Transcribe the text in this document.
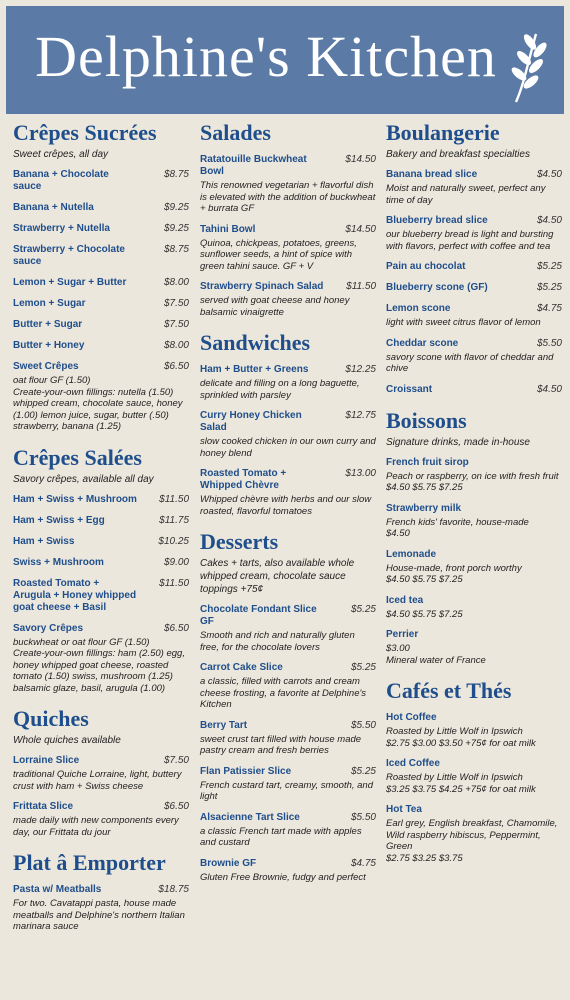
Delphine's Kitchen
Crêpes Sucrées

Sweet crêpes, all day

Banana + Chocolate sauce
$8.75
Banana + Nutella	$9.25
Strawberry + Nutella	$9.25
Strawberry + Chocolate sauce
$8.75
Lemon + Sugar + Butter	$8.00
Lemon + Sugar	$7.50
Butter + Sugar	$7.50
Butter + Honey	$8.00
Sweet Crêpes	$6.50
oat flour GF (1.50)
Create-your-own fillings: nutella (1.50) whipped cream, chocolate sauce, honey (1.00) lemon juice, sugar, butter (.50) strawberry, banana (1.25)
Crêpes Salées

Savory crêpes, available all day

Ham + Swiss + Mushroom $11.50
Ham + Swiss + Egg	$11.75
Ham + Swiss	$10.25
Swiss + Mushroom	$9.00
Roasted Tomato + Arugula + Honey whipped goat cheese + Basil
$11.50
Savory Crêpes	$6.50
buckwheat or oat flour GF (1.50)
Create-your-own fillings: ham (2.50) egg, honey whipped goat cheese, roasted tomato (1.50) swiss, mushroom (1.25) balsamic glaze, basil, arugula (1.00)
Quiches

Whole quiches available

Lorraine Slice	$7.50
traditional Quiche Lorraine, light, buttery crust with ham + Swiss cheese
Frittata Slice	$6.50
made daily with new components every day, our Frittata du jour
Plat â Emporter
Pasta w/ Meatballs	$18.75
For two. Cavatappi pasta, house made meatballs and Delphine's northern Italian marinara sauce
Salades
Ratatouille Buckwheat Bowl
$14.50
This renowned vegetarian + flavorful dish is elevated with the addition of buckwheat + burrata GF
Tahini Bowl	$14.50
Quinoa, chickpeas, potatoes, greens, sunflower seeds, a hint of spice with green tahini sauce. GF + V
Strawberry Spinach Salad $11.50
served with goat cheese and honey balsamic vinaigrette
Sandwiches
Ham + Butter + Greens	$12.25
delicate and filling on a long baguette, sprinkled with parsley
Curry Honey Chicken Salad
$12.75
slow cooked chicken in our own curry and honey blend
Roasted Tomato + Whipped Chèvre
$13.00
Whipped chèvre with herbs and our slow roasted, flavorful tomatoes
Desserts

Cakes + tarts, also available whole whipped cream, chocolate sauce toppings +75¢

Chocolate Fondant Slice GF
$5.25
Smooth and rich and naturally gluten free, for the chocolate lovers
Carrot Cake Slice	$5.25
a classic, filled with carrots and cream cheese frosting, a favorite at Delphine's Kitchen
Berry Tart	$5.50
sweet crust tart filled with house made pastry cream and fresh berries
Flan Patissier Slice	$5.25
French custard tart, creamy, smooth, and light
Alsacienne Tart Slice	$5.50
a classic French tart made with apples and custard
Brownie GF	$4.75
Gluten Free Brownie, fudgy and perfect
Boulangerie

Bakery and breakfast specialties

Banana bread slice	$4.50
Moist and naturally sweet, perfect any time of day
Blueberry bread slice	$4.50
our blueberry bread is light and bursting with flavors, perfect with coffee and tea
Pain au chocolat	$5.25
Blueberry scone (GF)	$5.25
Lemon scone	$4.75
light with sweet citrus flavor of lemon
Cheddar scone	$5.50
savory scone with flavor of cheddar and chive
Croissant	$4.50
Boissons

Signature drinks, made in-house

French fruit sirop
Peach or raspberry, on ice with fresh fruit
$4.50 $5.75 $7.25
Strawberry milk
French kids' favorite, house-made
$4.50
Lemonade
House-made, front porch worthy
$4.50 $5.75 $7.25
Iced tea
$4.50 $5.75 $7.25
Perrier
$3.00
Mineral water of France
Cafés et Thés
Hot Coffee
Roasted by Little Wolf in Ipswich
$2.75 $3.00 $3.50 +75¢ for oat milk
Iced Coffee
Roasted by Little Wolf in Ipswich
$3.25 $3.75 $4.25 +75¢ for oat milk
Hot Tea
Earl grey, English breakfast, Chamomile, Wild raspberry hibiscus, Peppermint, Green
$2.75 $3.25 $3.75
